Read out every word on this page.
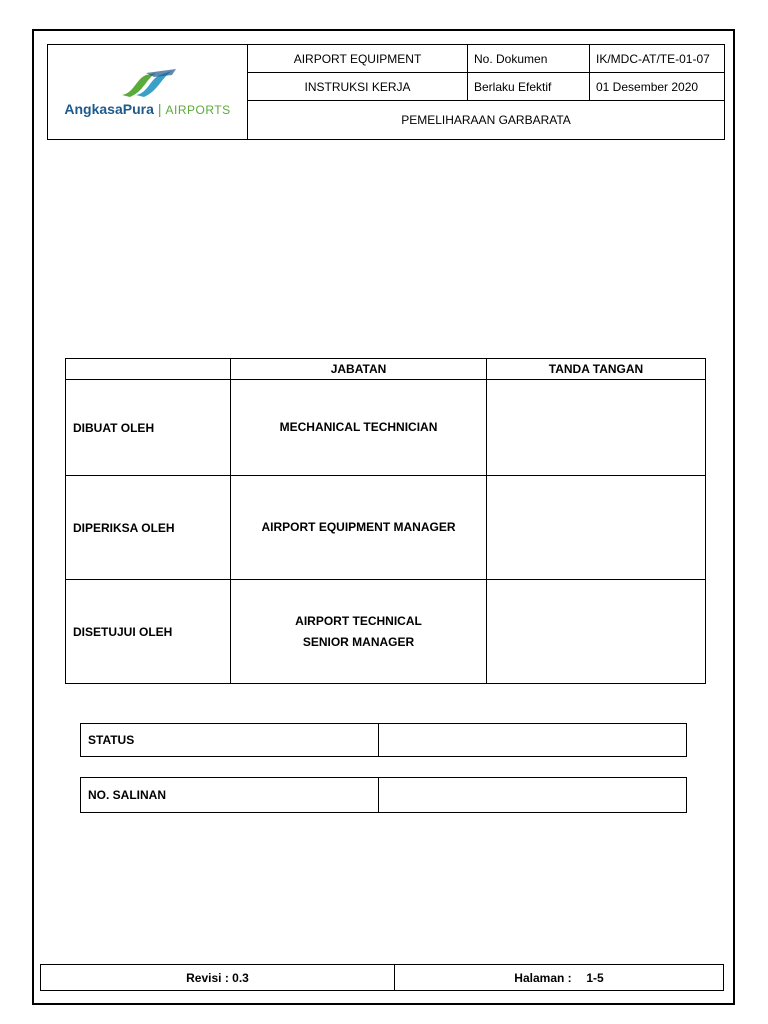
AngkasaPura | AIRPORTS	AIRPORT EQUIPMENT	No. Dokumen	IK/MDC-AT/TE-01-07
	INSTRUKSI KERJA	Berlaku Efektif	01 Desember 2020
	PEMELIHARAAN GARBARATA		
	JABATAN	TANDA TANGAN
DIBUAT OLEH	MECHANICAL TECHNICIAN	

DIPERIKSA OLEH	AIRPORT EQUIPMENT MANAGER	

DISETUJUI OLEH	AIRPORT TECHNICAL
SENIOR MANAGER	

STATUS	
NO. SALINAN	
Revisi : 0.3	Halaman : 1-5
